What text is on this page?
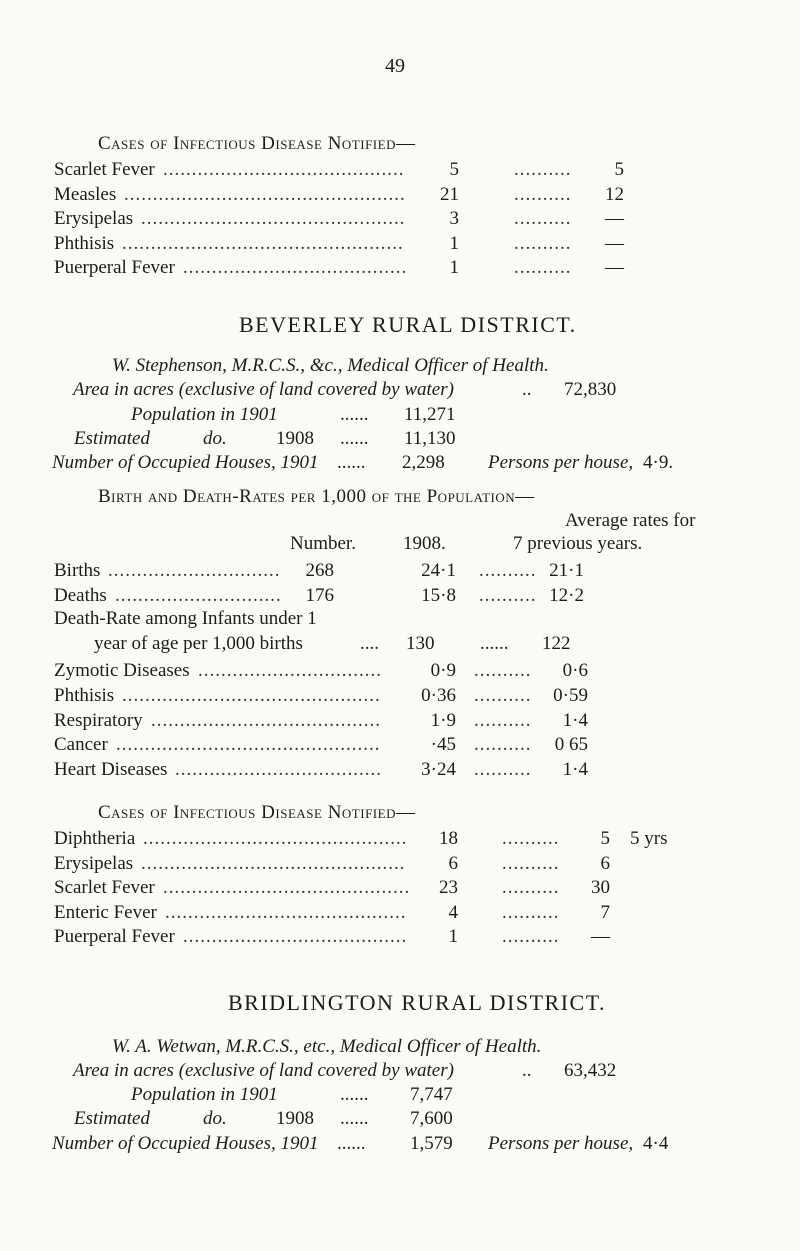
49
Cases of Infectious Disease Notified—
Scarlet Fever	5	..........	5
..........................................
Measles	21	..........	12
.................................................
Erysipelas	3	..........	—
..............................................
Phthisis	1	..........	—
.................................................
Puerperal Fever	1	..........	—
.......................................
BEVERLEY RURAL DISTRICT.
W. Stephenson, M.R.C.S., &c., Medical Officer of Health.
Area in acres (exclusive of land covered by water)	.. 72,830
Population in 1901	...... 11,271
Estimated	do.	1908 ...... 11,130
Number of Occupied Houses, 1901 ...... 2,298 Persons per house, 4·9.
Birth and Death-Rates per 1,000 of the Population—
Average rates for
Number. 1908.	7 previous years.
Births	268	24·1 .......... 21·1
..............................
Deaths	176	15·8 .......... 12·2
.............................
Death-Rate among Infants under 1
year of age per 1,000 births	.... 130 ...... 122
Zymotic Diseases	0·9 ..........	0·6
................................
Phthisis	0·36 ..........	0·59
.............................................
Respiratory	1·9 ..........	1·4
........................................
Cancer	·45 ..........	0 65
..............................................
Heart Diseases	3·24 ..........	1·4
....................................
Cases of Infectious Disease Notified—
Diphtheria	18 ..........	5 5 yrs
..............................................
Erysipelas	6 ..........	6
..............................................
Scarlet Fever	23 ..........	30
...........................................
Enteric Fever	4 ..........	7
..........................................
Puerperal Fever	1 ..........	—
.......................................
BRIDLINGTON RURAL DISTRICT.
W. A. Wetwan, M.R.C.S., etc., Medical Officer of Health.
Area in acres (exclusive of land covered by water)	.. 63,432
Population in 1901	...... 7,747
Estimated	do.	1908 ...... 7,600
Number of Occupied Houses, 1901 ...... 1,579 Persons per house, 4·4
